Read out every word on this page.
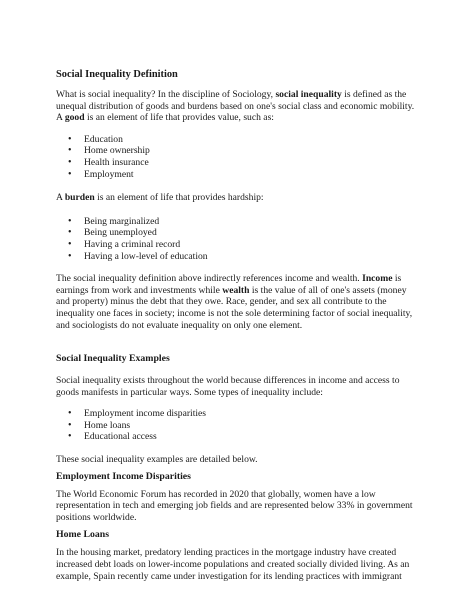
Social Inequality Definition

What is social inequality? In the discipline of Sociology, social inequality is defined as the unequal distribution of goods and burdens based on one's social class and economic mobility. A good is an element of life that provides value, such as:

• Education
• Home ownership
• Health insurance
• Employment

A burden is an element of life that provides hardship:

• Being marginalized
• Being unemployed
• Having a criminal record
• Having a low-level of education

The social inequality definition above indirectly references income and wealth. Income is earnings from work and investments while wealth is the value of all of one's assets (money and property) minus the debt that they owe. Race, gender, and sex all contribute to the inequality one faces in society; income is not the sole determining factor of social inequality, and sociologists do not evaluate inequality on only one element.

Social Inequality Examples

Social inequality exists throughout the world because differences in income and access to goods manifests in particular ways. Some types of inequality include:

• Employment income disparities
• Home loans
• Educational access

These social inequality examples are detailed below.

Employment Income Disparities

The World Economic Forum has recorded in 2020 that globally, women have a low representation in tech and emerging job fields and are represented below 33% in government positions worldwide.

Home Loans

In the housing market, predatory lending practices in the mortgage industry have created increased debt loads on lower-income populations and created socially divided living. As an example, Spain recently came under investigation for its lending practices with immigrant
